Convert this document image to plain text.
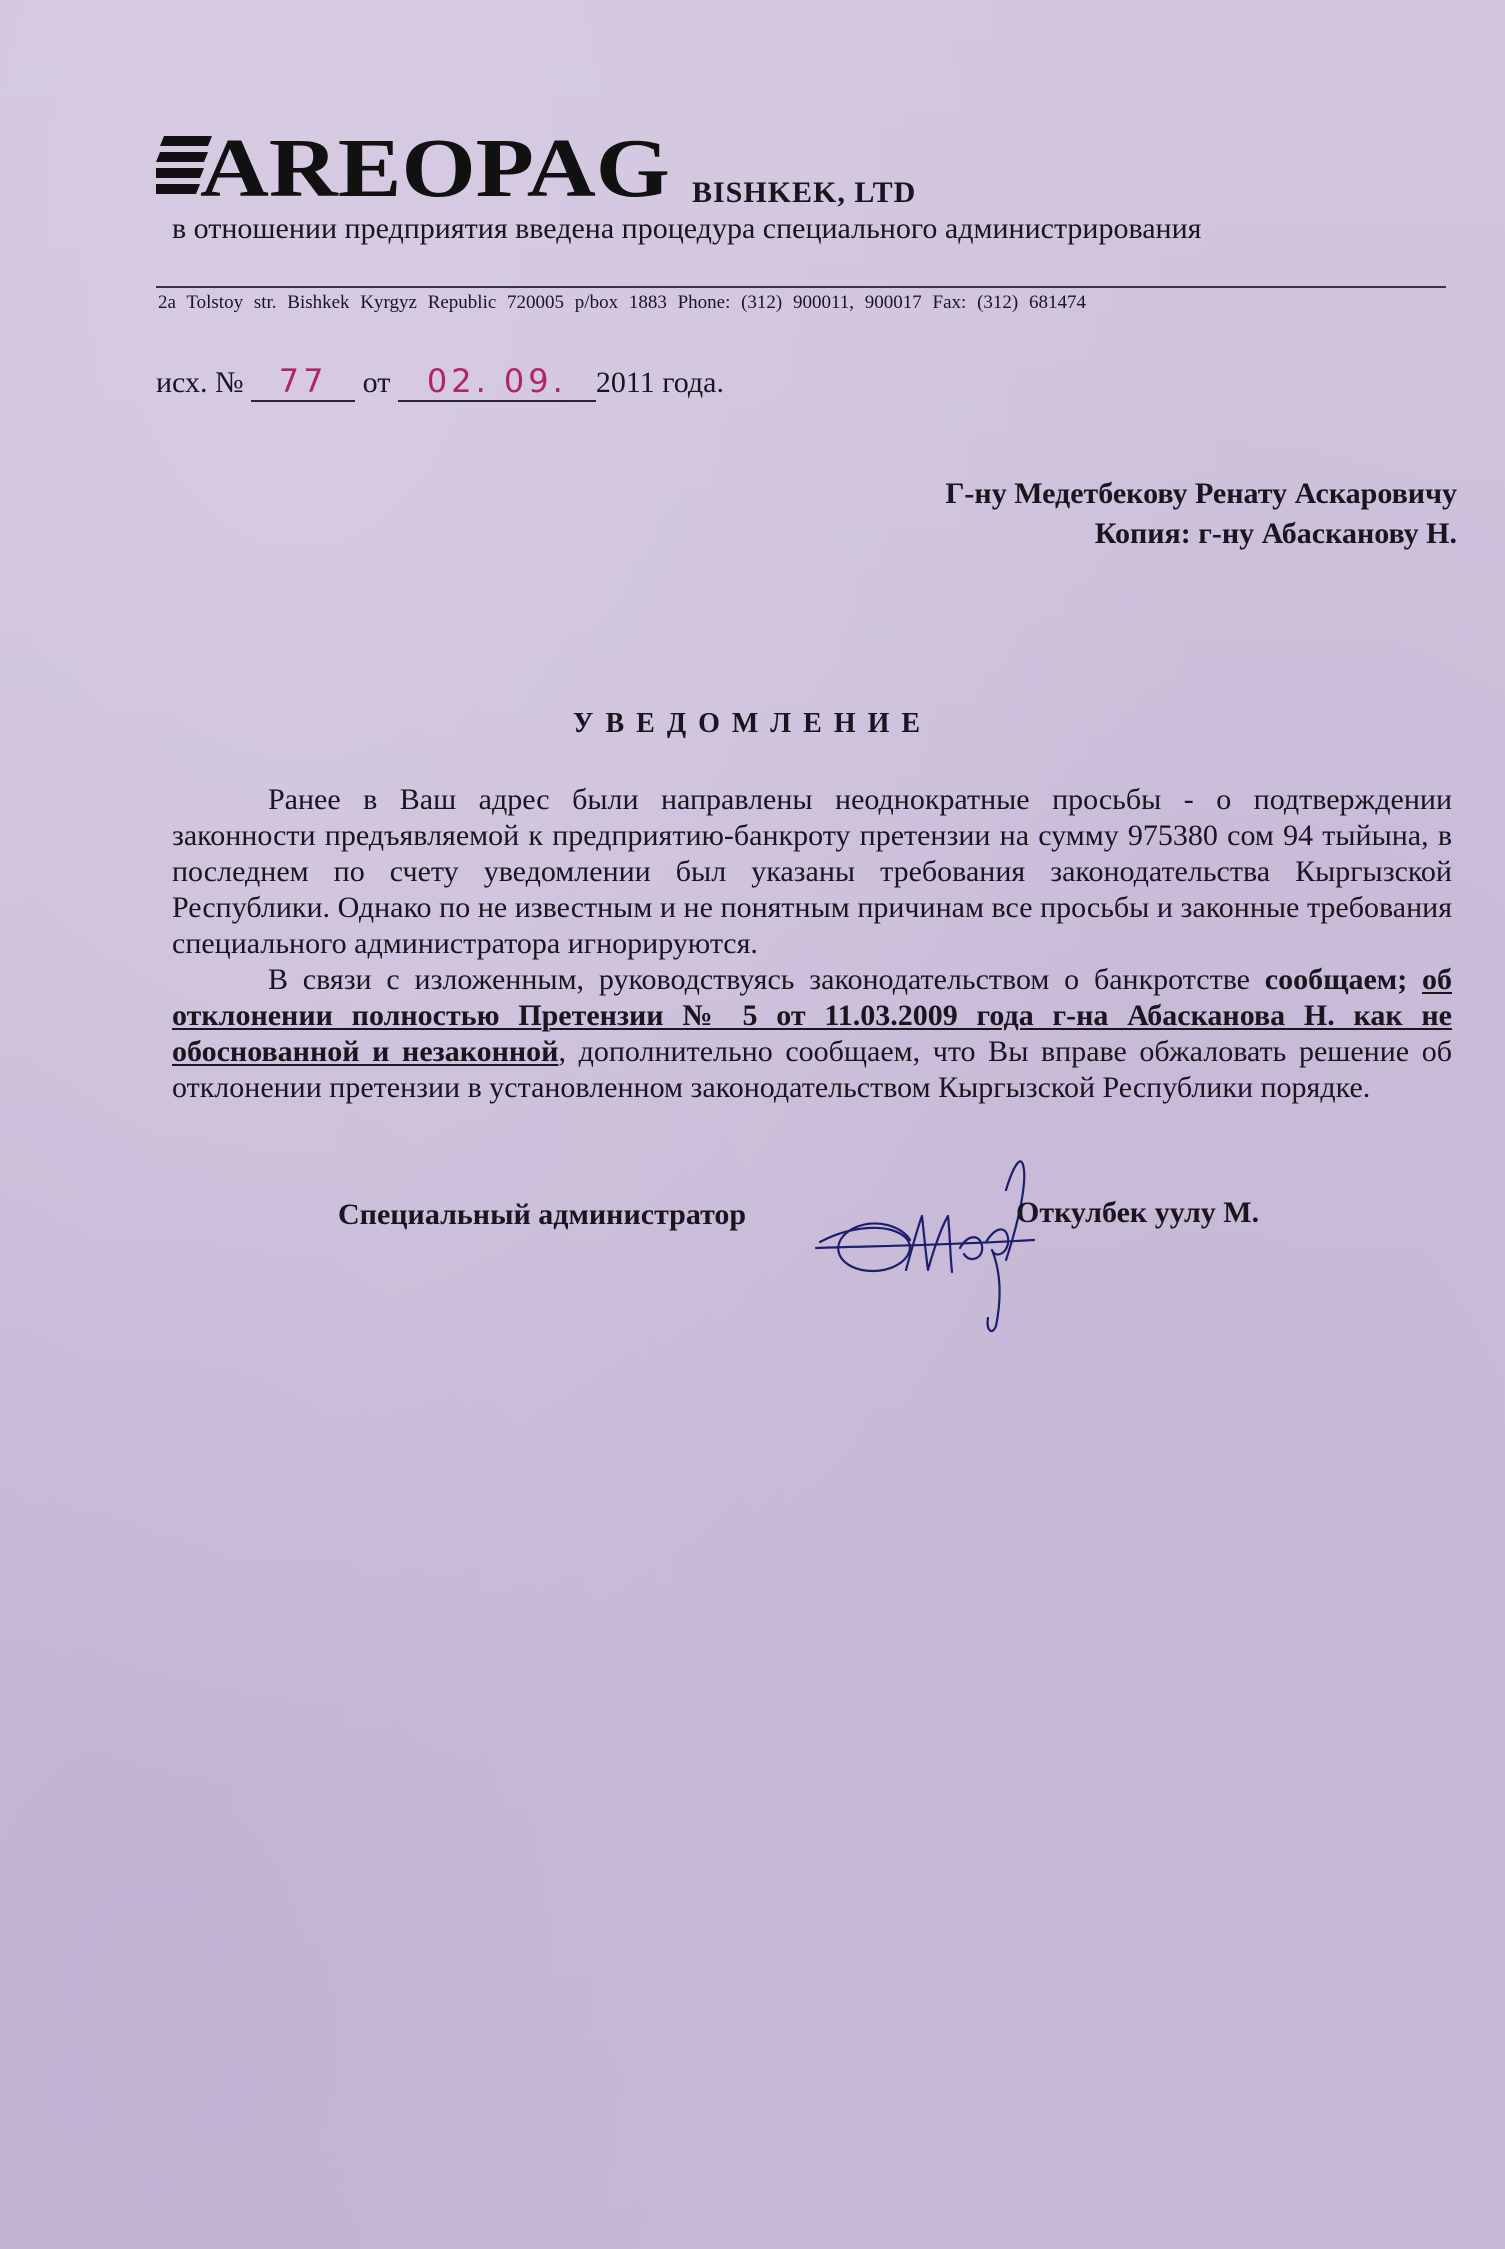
AREOPAG BISHKEK, LTD
в отношении предприятия введена процедура специального администрирования
2a Tolstoy str. Bishkek Kyrgyz Republic 720005 p/box 1883 Phone: (312) 900011, 900017 Fax: (312) 681474
исх. № 77 от 02. 09. 2011 года.
Г-ну Медетбекову Ренату Аскаровичу
Копия: г-ну Абасканову Н.
УВЕДОМЛЕНИЕ

Ранее в Ваш адрес были направлены неоднократные просьбы - о подтверждении законности предъявляемой к предприятию-банкроту претензии на сумму 975380 сом 94 тыйына, в последнем по счету уведомлении был указаны требования законодательства Кыргызской Республики. Однако по не известным и не понятным причинам все просьбы и законные требования специального администратора игнорируются.

В связи с изложенным, руководствуясь законодательством о банкротстве сообщаем; об отклонении полностью Претензии № 5 от 11.03.2009 года г-на Абасканова Н. как не обоснованной и незаконной, дополнительно сообщаем, что Вы вправе обжаловать решение об отклонении претензии в установленном законодательством Кыргызской Республики порядке.

Специальный администратор	Откулбек уулу М.
